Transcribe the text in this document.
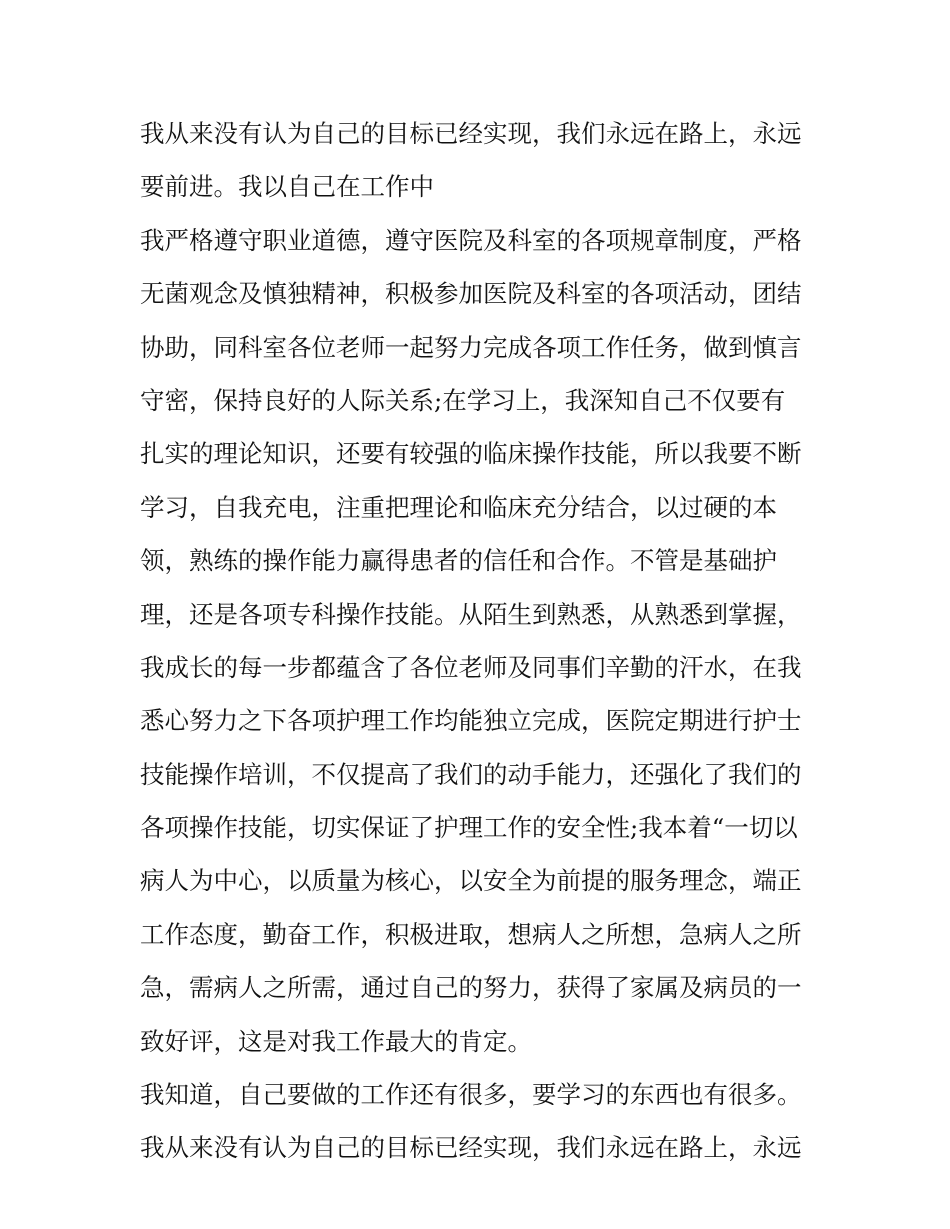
我从来没有认为自己的目标已经实现，我们永远在路上，永远
要前进。我以自己在工作中
我严格遵守职业道德，遵守医院及科室的各项规章制度，严格
无菌观念及慎独精神，积极参加医院及科室的各项活动，团结
协助，同科室各位老师一起努力完成各项工作任务，做到慎言
守密，保持良好的人际关系;在学习上，我深知自己不仅要有
扎实的理论知识，还要有较强的临床操作技能，所以我要不断
学习，自我充电，注重把理论和临床充分结合，以过硬的本
领，熟练的操作能力赢得患者的信任和合作。不管是基础护
理，还是各项专科操作技能。从陌生到熟悉，从熟悉到掌握，
我成长的每一步都蕴含了各位老师及同事们辛勤的汗水，在我
悉心努力之下各项护理工作均能独立完成，医院定期进行护士
技能操作培训，不仅提高了我们的动手能力，还强化了我们的
各项操作技能，切实保证了护理工作的安全性;我本着“一切以
病人为中心，以质量为核心，以安全为前提的服务理念，端正
工作态度，勤奋工作，积极进取，想病人之所想，急病人之所
急，需病人之所需，通过自己的努力，获得了家属及病员的一
致好评，这是对我工作最大的肯定。
我知道，自己要做的工作还有很多，要学习的东西也有很多。
我从来没有认为自己的目标已经实现，我们永远在路上，永远
